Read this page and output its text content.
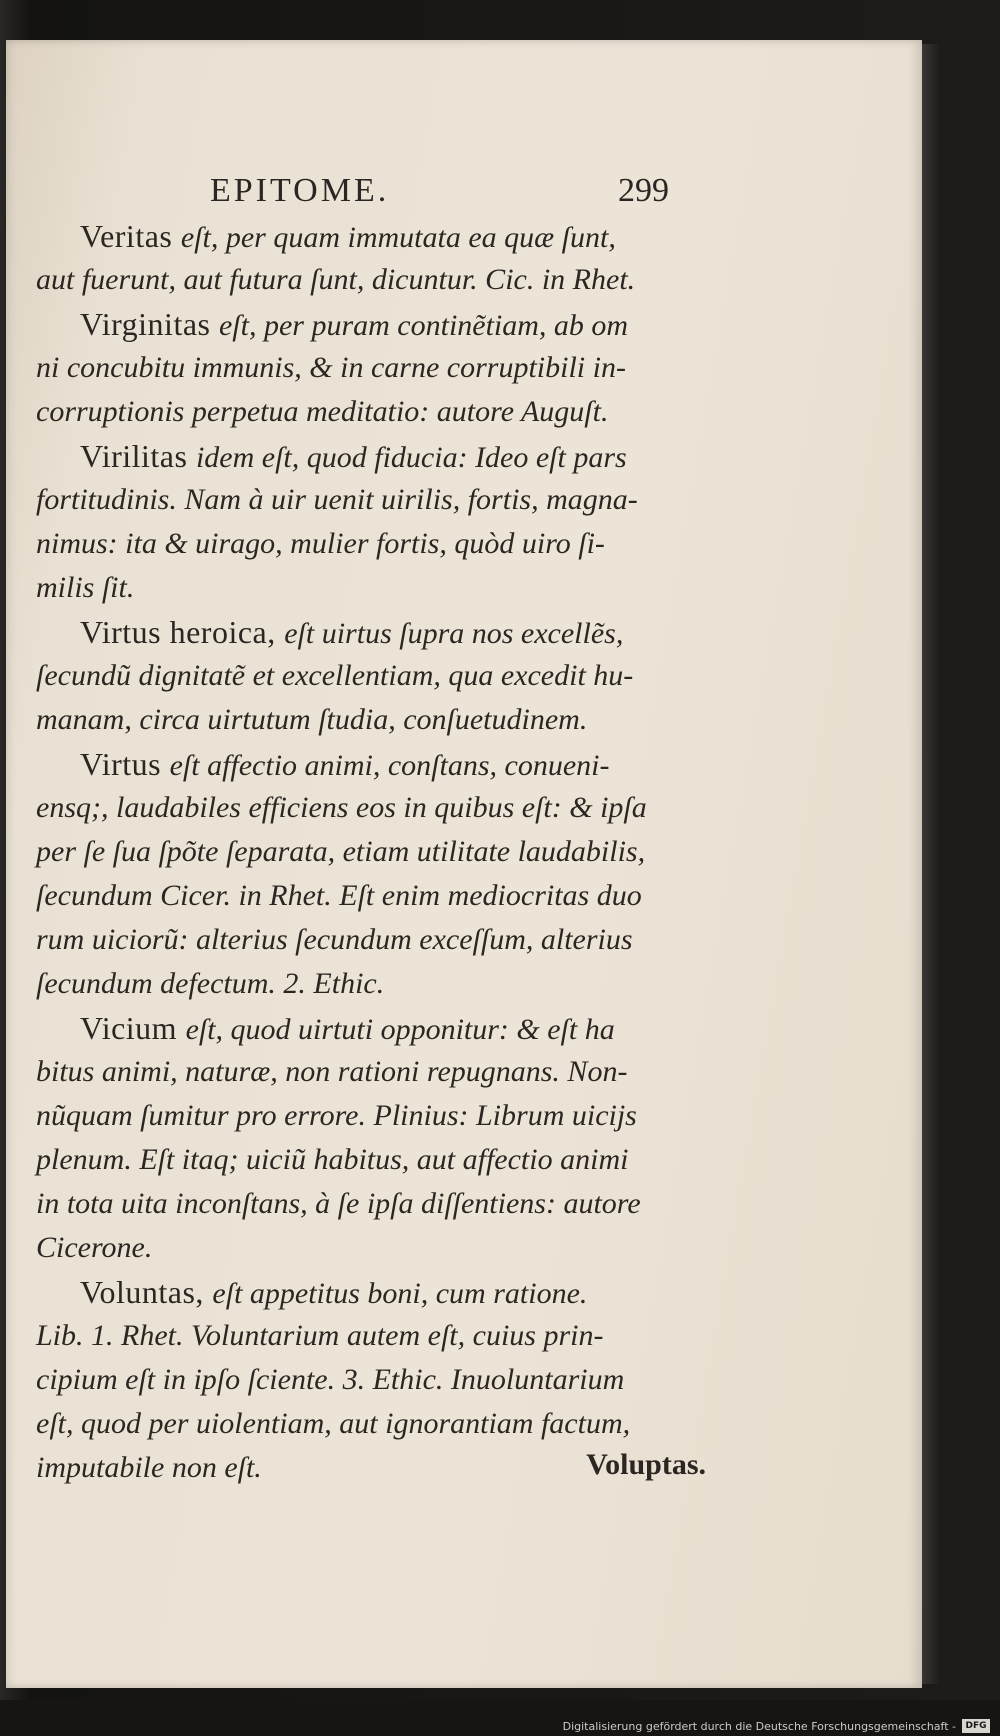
EPITOME.	299
Veritas eſt, per quam immutata ea quæ ſunt,
aut fuerunt, aut futura ſunt, dicuntur. Cic. in Rhet.
Virginitas eſt, per puram continẽtiam, ab om
ni concubitu immunis, & in carne corruptibili in-
corruptionis perpetua meditatio: autore Auguſt.
Virilitas idem eſt, quod fiducia: Ideo eſt pars
fortitudinis. Nam à uir uenit uirilis, fortis, magna-
nimus: ita & uirago, mulier fortis, quòd uiro ſi-
milis ſit.
Virtus heroica, eſt uirtus ſupra nos excellẽs,
ſecundũ dignitatẽ et excellentiam, qua excedit hu-
manam, circa uirtutum ſtudia, conſuetudinem.
Virtus eſt affectio animi, conſtans, conueni-
ensq;, laudabiles efficiens eos in quibus eſt: & ipſa
per ſe ſua ſpõte ſeparata, etiam utilitate laudabilis,
ſecundum Cicer. in Rhet. Eſt enim mediocritas duo
rum uiciorũ: alterius ſecundum exceſſum, alterius
ſecundum defectum. 2. Ethic.
Vicium eſt, quod uirtuti opponitur: & eſt ha
bitus animi, naturæ, non rationi repugnans. Non-
nũquam ſumitur pro errore. Plinius: Librum uicijs
plenum. Eſt itaq; uiciũ habitus, aut affectio animi
in tota uita inconſtans, à ſe ipſa diſſentiens: autore
Cicerone.
Voluntas, eſt appetitus boni, cum ratione.
Lib. 1. Rhet. Voluntarium autem eſt, cuius prin-
cipium eſt in ipſo ſciente. 3. Ethic. Inuoluntarium
eſt, quod per uiolentiam, aut ignorantiam factum,
imputabile non eſt.	Voluptas.
Digitalisierung gefördert durch die Deutsche Forschungsgemeinschaft -	DFG
